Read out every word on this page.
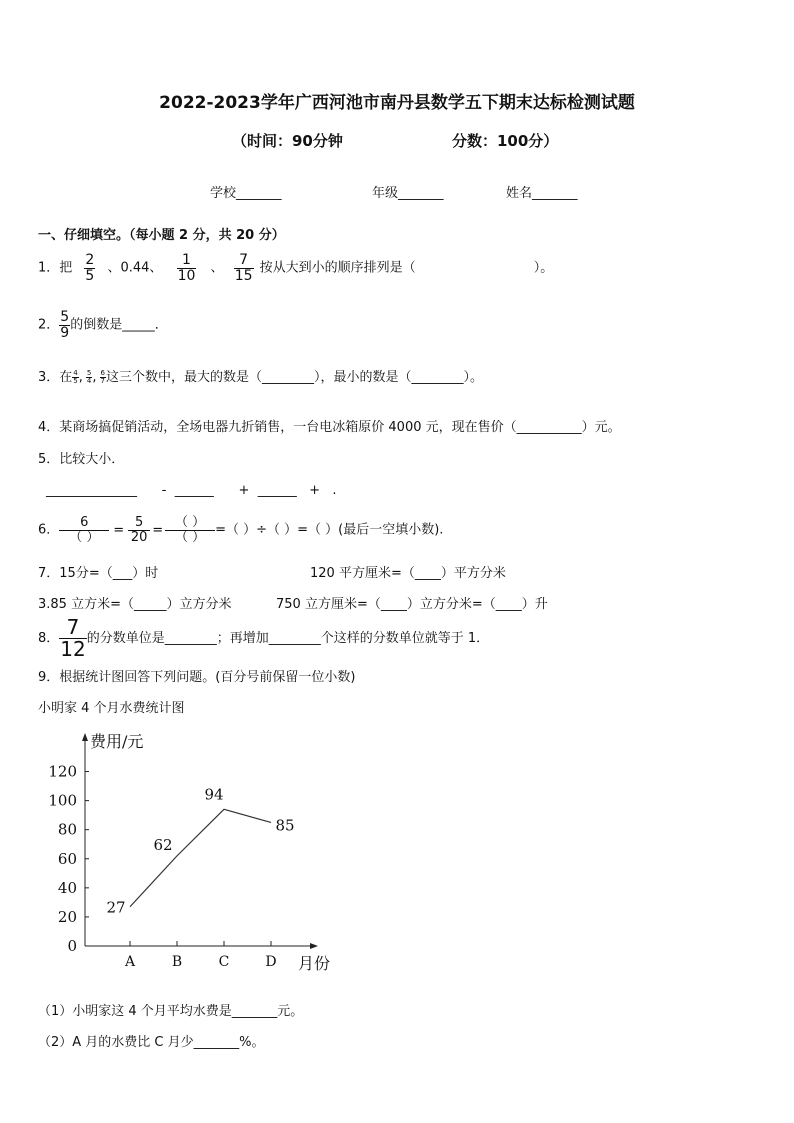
2022-2023学年广西河池市南丹县数学五下期末达标检测试题
（时间：90分钟	分数：100分）
学校_______	年级_______	姓名_______
一、仔细填空。（每小题 2 分，共 20 分）
1．把 $\frac{2}{5}$ 、0.44、 $\frac{1}{10}$ 、 $\frac{7}{15}$ 按从大到小的顺序排列是（	）。
2． $\frac{5}{9}$ 的倒数是_____．
3．在 $\frac{4}{5}$ , $\frac{5}{4}$ , $\frac{6}{7}$ 这三个数中，最大的数是（________），最小的数是（________）。
4．某商场搞促销活动，全场电器九折销售，一台电冰箱原价 4000 元，现在售价（__________）元。
5．比较大小．
______________      -  ______      +  ______   +   .
6． $\frac{6}{( )} = \frac{5}{20} = \frac{( )}{( )}$ =（ ）÷（ ）=（ ）(最后一空填小数).
7．15分=（___）时	120 平方厘米=（____）平方分米
3.85 立方米=（_____）立方分米	750 立方厘米=（____）立方分米=（____）升
8． $\frac{7}{12}$ 的分数单位是________；再增加________个这样的分数单位就等于 1．
9．根据统计图回答下列问题。(百分号前保留一位小数)
小明家 4 个月水费统计图
费用/元
月份
0
20
40
60
80
100
120
A	B	C	D
27
62
94
85
（1）小明家这 4 个月平均水费是_______元。
（2）A 月的水费比 C 月少_______%。
